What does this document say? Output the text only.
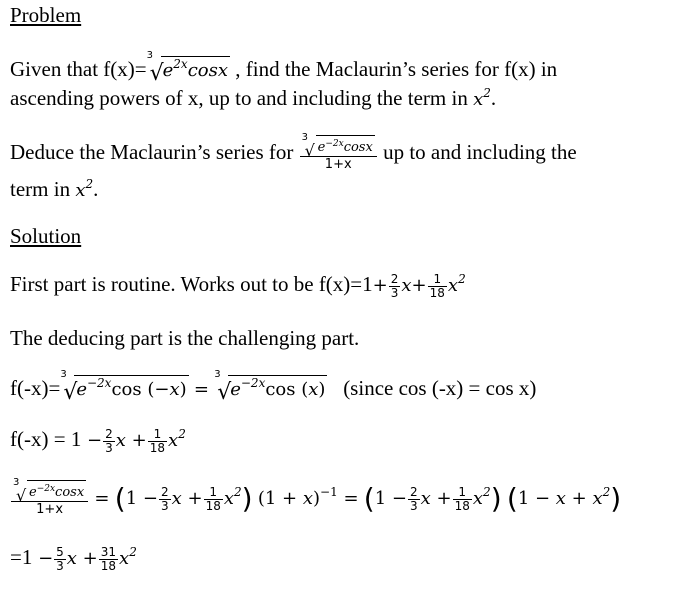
Problem
Given that f(x)=
3
√
$e^{2x}\cos x$ , find the Maclaurin’s series for f(x) in
ascending powers of x, up to and including the term in $x^2$.
Deduce the Maclaurin’s series for 3
√ $e^{-2x}\cos x$
1+x up to and including the
term in $x^2$.
Solution
First part is routine. Works out to be $f(x)=1+ \frac{2}{3} x+ \frac{1}{18} x^2$
The deducing part is the challenging part.
f(-x)=
3
√
$e^{-2x}\cos$ (−x) =
3
√
$e^{-2x}\cos$ (x) (since cos (-x) = cos x)
$f(-x) = 1 - \frac{2}{3}$ $x + \frac{1}{18} x^2$
3
√ $e^{-2x}\cos x$
$1+x = (1 - \frac{2}{3}$ $x + \frac{1}{18} x^2$) $(1 + x)^{-1} = (1 - \frac{2}{3}$ $x + \frac{1}{18} x^2$) $(1 - x + x^2)$
$=1 - \frac{5}{3}$ $x + \frac{31}{18} x^2$
